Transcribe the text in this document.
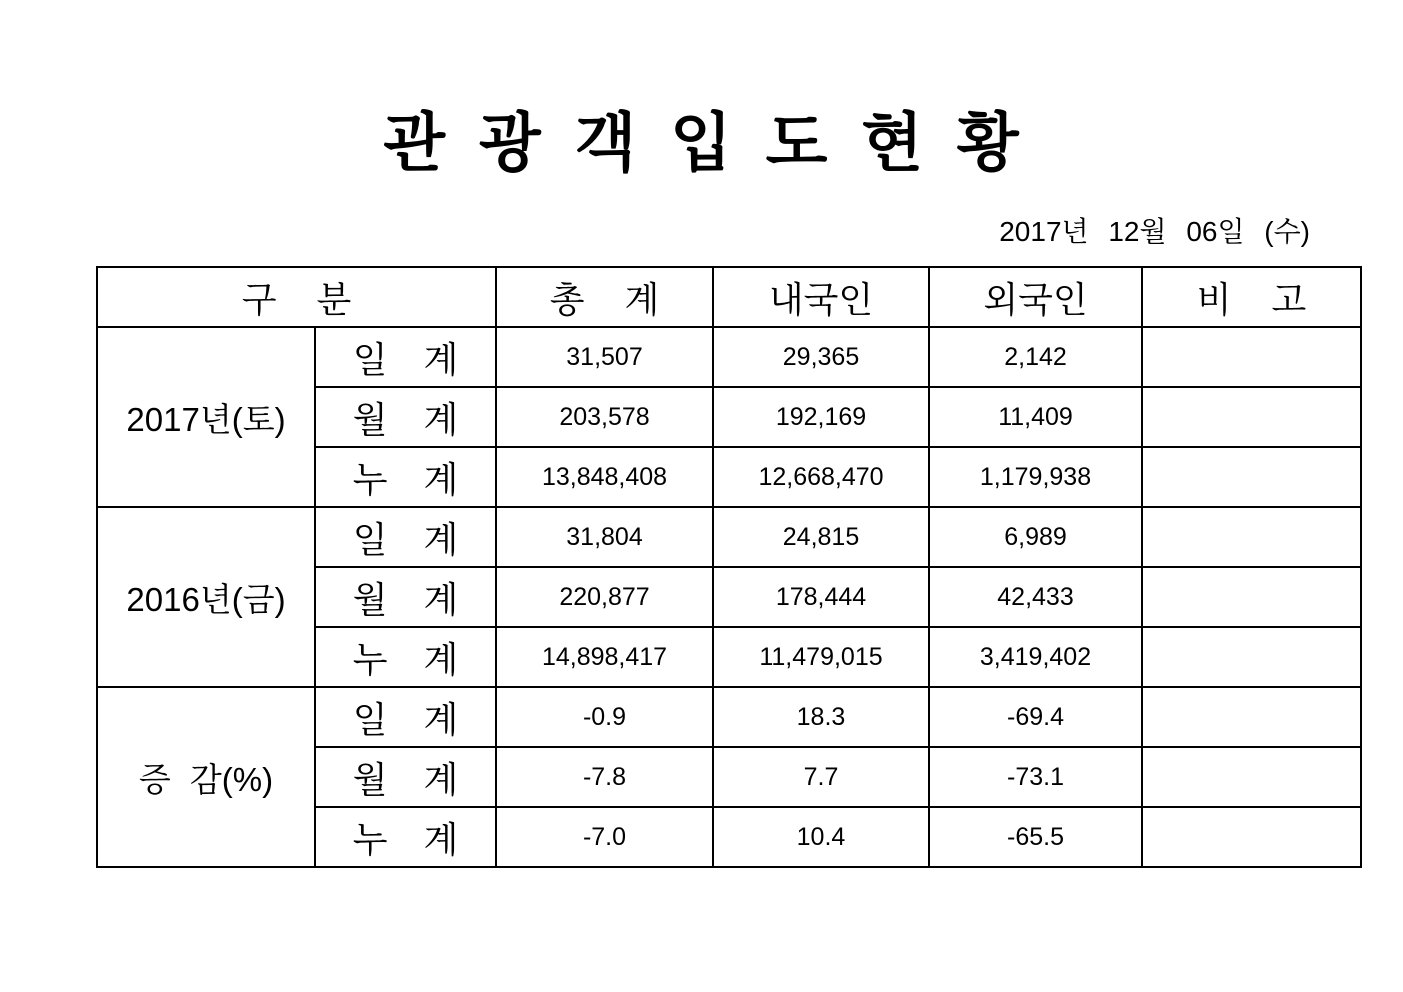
관 광 객 입 도 현 황
2017년 12월 06일 (수)
구 분		총 계	내국인	외국인	비 고
2017년(토)	일 계	31,507	29,365	2,142	
	월 계	203,578	192,169	11,409	
	누 계	13,848,408	12,668,470	1,179,938	
2016년(금)	일 계	31,804	24,815	6,989	
	월 계	220,877	178,444	42,433	
	누 계	14,898,417	11,479,015	3,419,402	
증 감(%)	일 계	-0.9	18.3	-69.4	
	월 계	-7.8	7.7	-73.1	
	누 계	-7.0	10.4	-65.5	
